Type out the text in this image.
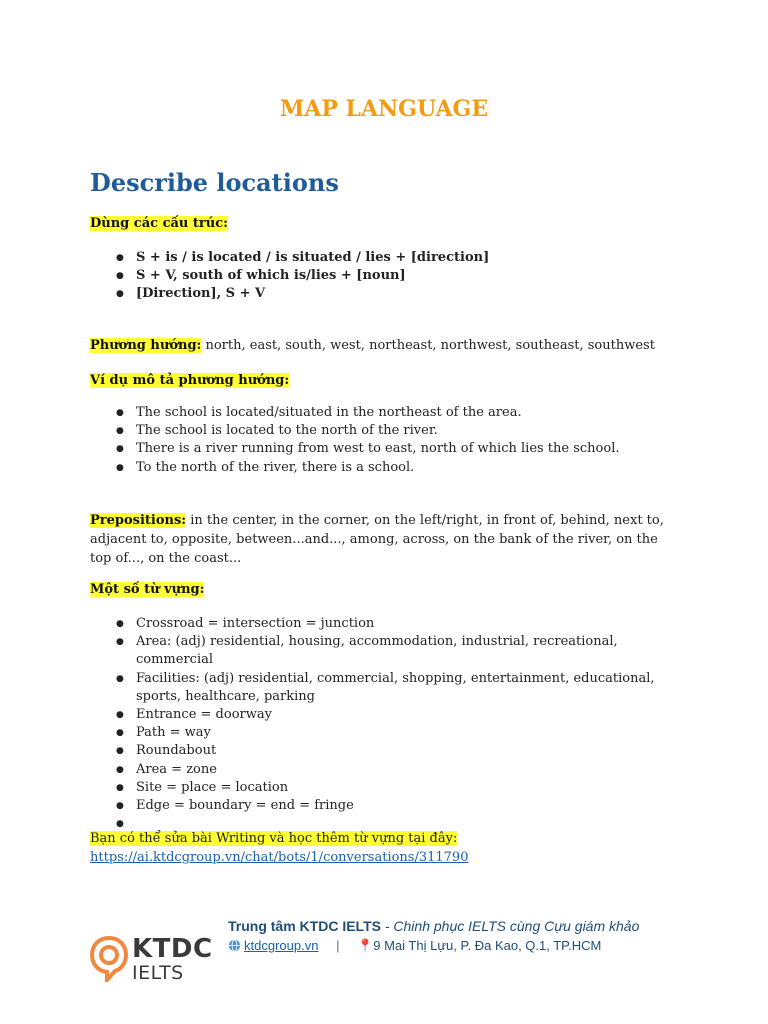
MAP LANGUAGE
Describe locations
Dùng các cấu trúc:
● S + is / is located / is situated / lies + [direction]
● S + V, south of which is/lies + [noun]
● [Direction], S + V
Phương hướng: north, east, south, west, northeast, northwest, southeast, southwest
Ví dụ mô tả phương hướng:
● The school is located/situated in the northeast of the area.
● The school is located to the north of the river.
● There is a river running from west to east, north of which lies the school.
● To the north of the river, there is a school.
Prepositions: in the center, in the corner, on the left/right, in front of, behind, next to, adjacent to, opposite, between...and..., among, across, on the bank of the river, on the top of..., on the coast...
Một số từ vựng:
● Crossroad = intersection = junction
● Area: (adj) residential, housing, accommodation, industrial, recreational, commercial
● Facilities: (adj) residential, commercial, shopping, entertainment, educational, sports, healthcare, parking
● Entrance = doorway
● Path = way
● Roundabout
● Area = zone
● Site = place = location
● Edge = boundary = end = fringe
●
Bạn có thể sửa bài Writing và học thêm từ vựng tại đây:
https://ai.ktdcgroup.vn/chat/bots/1/conversations/311790
KTDC
IELTS
Trung tâm KTDC IELTS - Chinh phục IELTS cùng Cựu giám khảo
ktdcgroup.vn | 📍9 Mai Thị Lựu, P. Đa Kao, Q.1, TP.HCM
